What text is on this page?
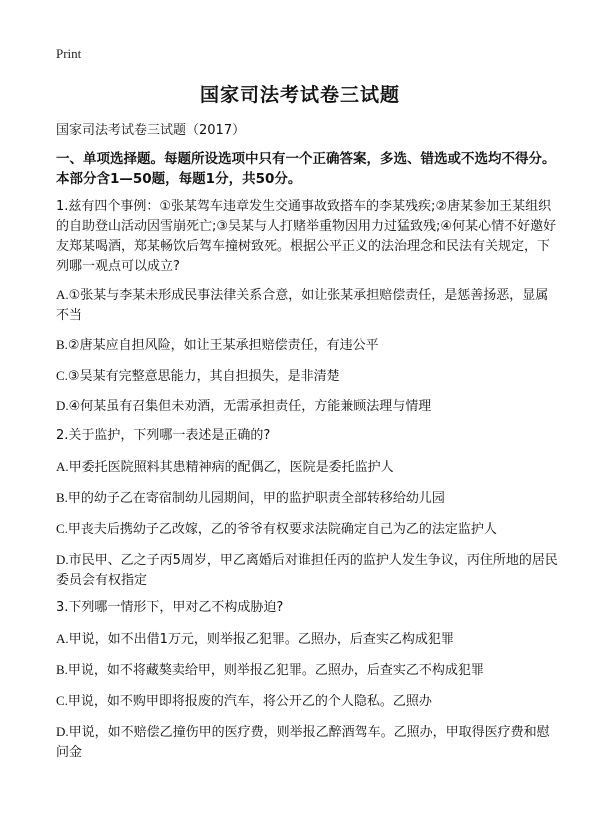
Print
国家司法考试卷三试题
国家司法考试卷三试题（2017）
一、单项选择题。每题所设选项中只有一个正确答案，多选、错选或不选均不得分。本部分含1—50题，每题1分，共50分。
1.兹有四个事例：①张某驾车违章发生交通事故致搭车的李某残疾;②唐某参加王某组织的自助登山活动因雪崩死亡;③吴某与人打赌举重物因用力过猛致残;④何某心情不好邀好友郑某喝酒，郑某畅饮后驾车撞树致死。根据公平正义的法治理念和民法有关规定，下列哪一观点可以成立?
A.①张某与李某未形成民事法律关系合意，如让张某承担赔偿责任，是惩善扬恶，显属不当
B.②唐某应自担风险，如让王某承担赔偿责任，有违公平
C.③吴某有完整意思能力，其自担损失，是非清楚
D.④何某虽有召集但未劝酒，无需承担责任，方能兼顾法理与情理
2.关于监护，下列哪一表述是正确的?
A.甲委托医院照料其患精神病的配偶乙，医院是委托监护人
B.甲的幼子乙在寄宿制幼儿园期间，甲的监护职责全部转移给幼儿园
C.甲丧夫后携幼子乙改嫁，乙的爷爷有权要求法院确定自己为乙的法定监护人
D.市民甲、乙之子丙5周岁，甲乙离婚后对谁担任丙的监护人发生争议，丙住所地的居民委员会有权指定
3.下列哪一情形下，甲对乙不构成胁迫?
A.甲说，如不出借1万元，则举报乙犯罪。乙照办，后查实乙构成犯罪
B.甲说，如不将藏獒卖给甲，则举报乙犯罪。乙照办，后查实乙不构成犯罪
C.甲说，如不购甲即将报废的汽车，将公开乙的个人隐私。乙照办
D.甲说，如不赔偿乙撞伤甲的医疗费，则举报乙醉酒驾车。乙照办，甲取得医疗费和慰问金
